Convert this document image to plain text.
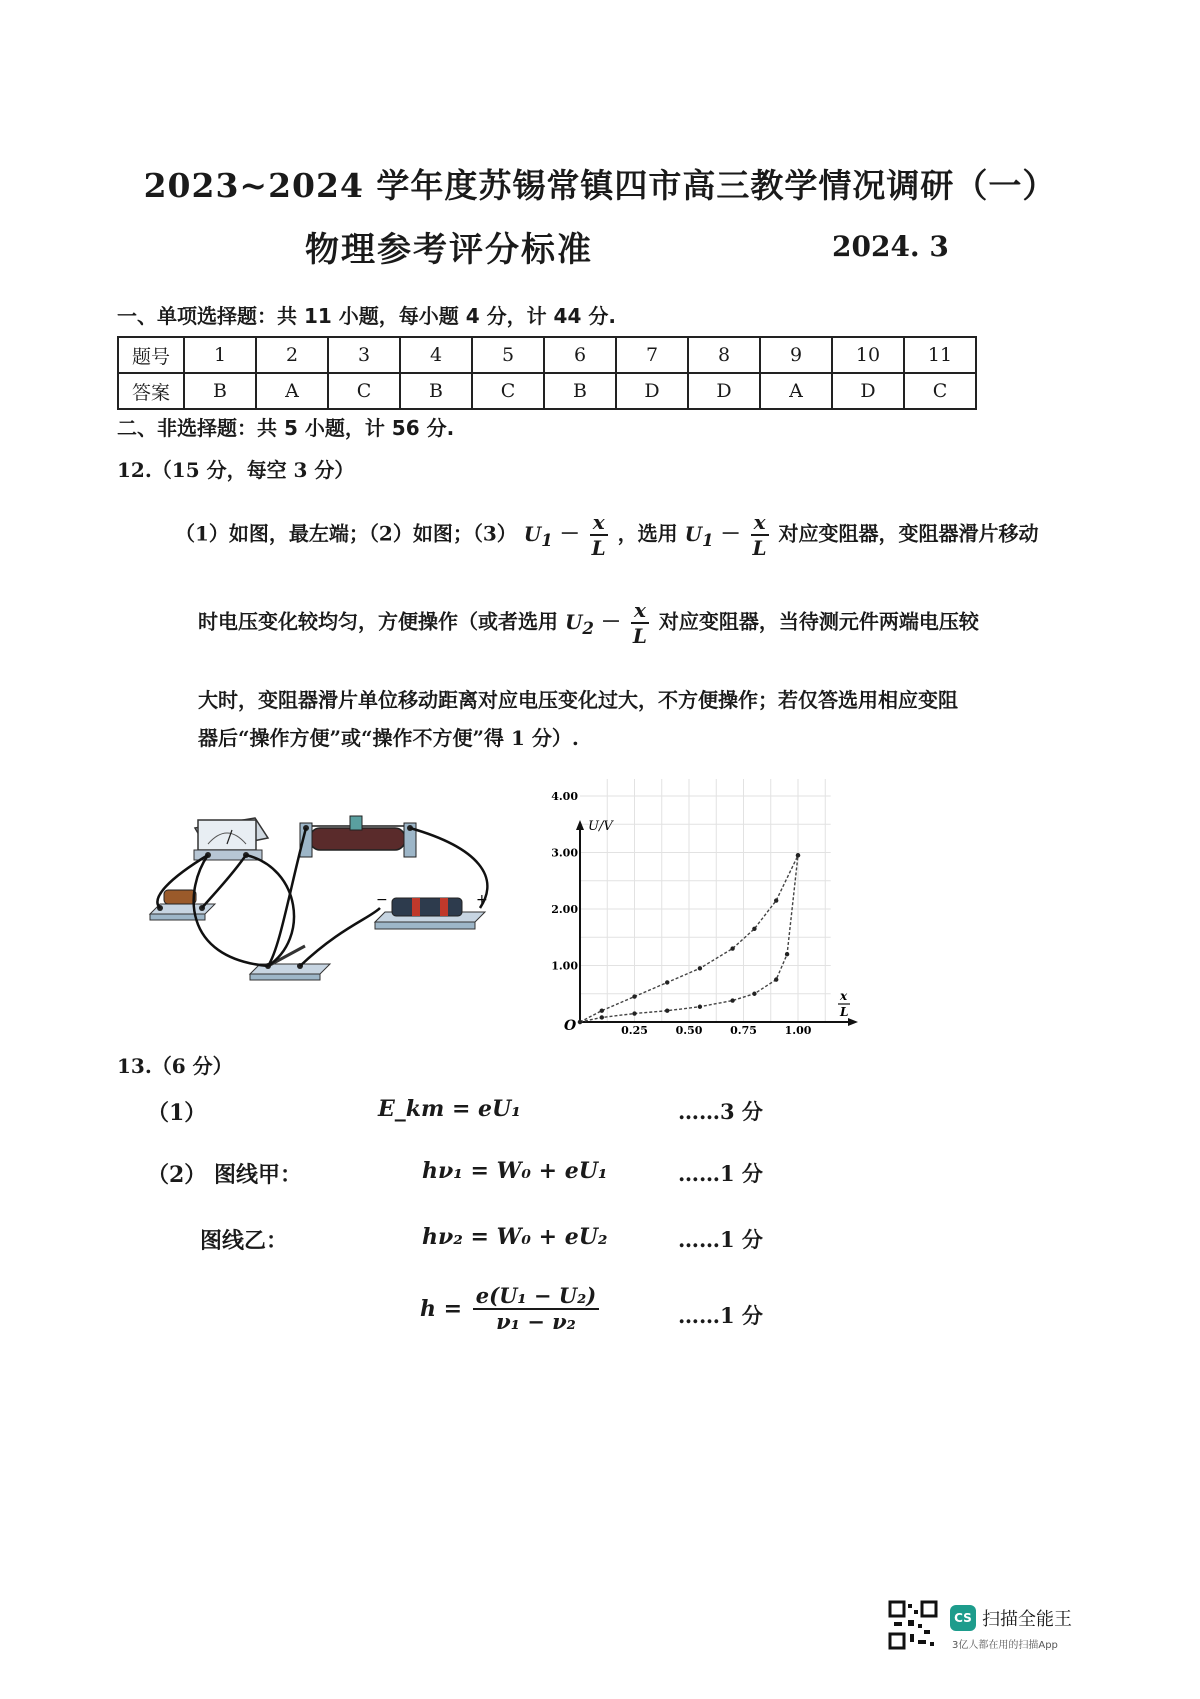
2023~2024 学年度苏锡常镇四市高三教学情况调研（一）
物理参考评分标准	2024. 3
一、单项选择题：共 11 小题，每小题 4 分，计 44 分.
题号	1	2	3	4	5	6	7	8	9	10	11
答案	B	A	C	B	C	B	D	D	A	D	C
二、非选择题：共 5 小题，计 56 分.
12.（15 分，每空 3 分）
（1）如图，最左端；（2）如图；（3） $U_1 - \frac{x}{L}$ ，选用 $U_1 - \frac{x}{L}$ 对应变阻器，变阻器滑片移动
时电压变化较均匀，方便操作（或者选用 $U_2 - \frac{x}{L}$ 对应变阻器，当待测元件两端电压较
大时，变阻器滑片单位移动距离对应电压变化过大，不方便操作；若仅答选用相应变阻
器后“操作方便”或“操作不方便”得 1 分）.
−	+
U/V
O
x
L
1.00
2.00
3.00
4.00
0.25	0.50	0.75	1.00
13.（6 分）
（1）	E_km = eU₁	……3 分
（2） 图线甲：	hν₁ = W₀ + eU₁	……1 分
图线乙：	hν₂ = W₀ + eU₂	……1 分
$h = \frac{\text{e(U₁ − U₂)}}{\text{ν₁ − ν₂}}$	……1 分
CS 扫描全能王
3亿人都在用的扫描App
